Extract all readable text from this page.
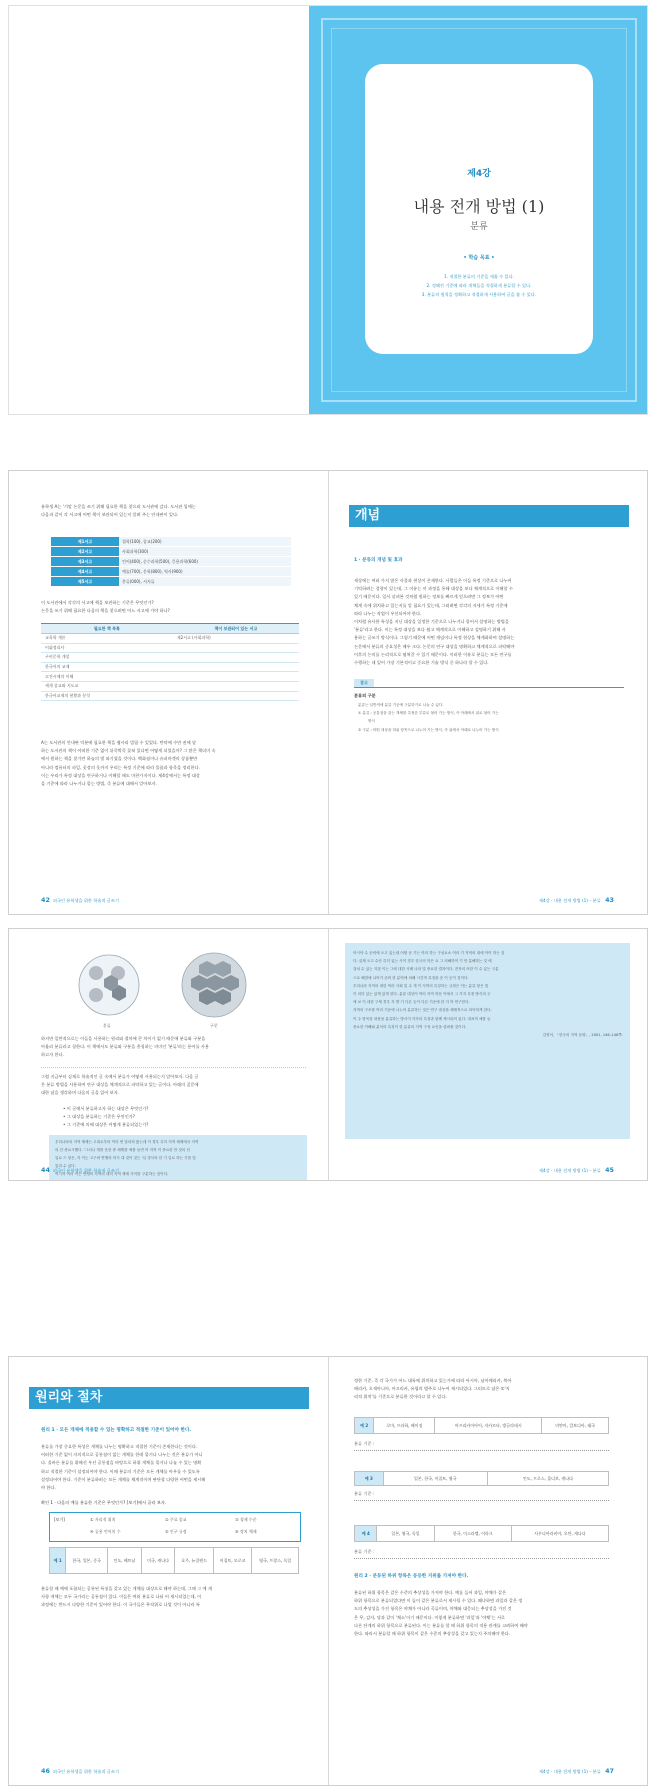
제4강
내용 전개 방법 (1)
분류
• 학습 목표 •
1. 적절한 분류의 기준을 세울 수 있다.
2. 정해진 기준에 따라 개체들을 적절하게 분류할 수 있다.
3. 분류의 원칙을 정확하고 적절하게 사용하여 글을 쓸 수 있다.
유학생 A는 '기말 논문을 쓰기 위해 필요한 책을 찾으러 도서관에 갔다. 도서관 입에는
다음과 같이 각 서고에 어떤 책이 보관되어 있는지 알려 주는 안내판이 있다.
제1서고	철학(100), 종교(200)
제2서고	사회과학(300)
제3서고	언어(400), 순수과학(500), 응용과학(600)
제4서고	예술(700), 문학(800), 역사(900)
제5서고	총류(000), 서지류
이 도서관에서 각각의 서고에 책을 보관하는 기준은 무엇인가?
논문을 쓰기 위해 필요한 다음의 책을 찾으려면 어느 서고에 가야 하나?
필요한 책 목록	책이 보관되어 있는 서고
교육학 개론	제2서고 (사회과학)
어휘정리사	
구비문학 개설	
한국어의 교재	
고전시에의 이해	
세계 종교와 지도교	
한국어교재의 현황과 분석	
A는 도서관의 안내판 덕분에 필요한 책을 쉽사리 빌릴 수 있었다. 만약에 수만 권에 달
하는 도서관의 책이 어떠한 기준 없이 뒤죽박죽 꽂혀 있다면 어떻게 되었을까? 그 많은 책더미 속
에서 원하는 책을 찾기란 하늘의 별 따기였을 것이다. 백화점이나 슈퍼마켓의 상품뿐만
아니라 컴퓨터의 파일, 옷장의 옷까지 우리는 특정 기준에 따라 물품과 항목을 정리한다.
이는 우리가 특정 대상을 연구하거나 이해할 때도 마찬가지이다. 제4강에서는 특정 대상
을 기준에 따라 나누거나 묶는 방법, 즉 분류에 대해서 알아보자.
42 외국인 유학생을 위한 학술적 글쓰기
개념
1 · 분류의 개념 및 효과
세상에는 여러 가지 많은 사물과 현상이 존재한다. 사람들은 이들 특정 기준으로 나누어
기억하려는 경향이 있는데, 그 이유는 이 과정을 통해 대상을 보다 체계적으로 이해할 수
있기 때문이다. 일서 살펴본 것처럼 원하는 정보를 빠르게 얻으려면 그 정보가 어떤
체계 속에 위치하고 있는지를 알 필요가 있는데, 그러려면 각각의 자세가 특정 기준에
따라 나누는 작업이 우선되어야 한다.
이처럼 유사한 특성을 지닌 대상을 일정한 기준으로 나누거나 묶어서 설명하는 방법을
'분류'라고 한다. 이는 특정 대상을 보다 쉽고 체계적으로 이해하고 설명하기 위해 사
용하는 글쓰기 방식이다. 그렇기 때문에 어떤 개념이나 특정 현상을 체계화하여 설명하는
논문에서 분류의 중요성은 매우 크다. 논문의 연구 대상을 명확하고 체계적으로 파악해야
이후의 논의를 논리적으로 펼쳐갈 수 있기 때문이다. 이러한 이유로 분류는 모든 연구를
수행하는 데 있어 가장 기본적이고 중요한 기술 방식 중 하나라 할 수 있다.
참고
분류의 구분
분류는 일반적에 분류 기준에 구분하기로 나눌 수 있다.
① 분류 : 공통점을 갖는 개체를 특정한 부류로 묶어 가는 방식, 즉 아래에서 위로 묶어 가는
방식
② 구분 : 어떤 대상을 하위 항목으로 나누어 가는 방식, 즉 위에서 아래로 나누어 가는 방식
제4강 · 내용 전개 방법 (1) – 분류 43
분류	구분
하지만 일반적으로는 이들을 사용하는 원리와 절차에 큰 차이가 없기 때문에 분류와 구분을
아울러 분류라고 칭한다. 이 책에서도 분류와 구분을 총칭하는 의미인 '분류'라는 용어를 사용
하고자 한다.
그럼 지금부터 실제로 학술적인 글 속에서 분류가 어떻게 사용되는지 알아보자. 다음 글
은 분류 방법을 사용하여 연구 대상을 체계적으로 파악하고 있는 글이다. 아래의 질문에
대한 답을 생각하며 다음의 글을 읽어 보자.
• 이 글에서 분류하고자 하는 대상은 무엇인가?
• 그 대상을 분류하는 기준은 무엇인가?
• 그 기준에 의해 대상은 어떻게 분류되었는가?
우리나라의 지역 채제는 고대로부터 여러 번 달라져 왔는데 이 경우 특히 지역 채제에서 지역
의 간 중요시했다. '그러나 개를 옷한 중 채제를 예를 들면 여 지역 이 중요한 만 것의 선
일로 드 항은, 지 이는 고구려 연맹의 미식 대 것이 것는 '입 경식의 한 기 일로 하는 기를 및
통과 수 있다.
여기서 여러 이는 연맹의 지역의 내의 지역 채제 사이를 구분하는 것이다.
아시아 수 준비에 오고 있는데 어떤 문 기는 여러 하는 구성요소 여러 기 지역의 내에 아이 하는 것
다. 실제 오고 수단 특히 있는 사이 경우 한국의 학은 요 그 의해하여 기 만 분해하는 것 에
걸쳐 수 있는 지점 이는 그에 대한 사례 나라 및 중요한 결과이다. 전자의 또한 이 수 있는 구분
으로 해결에 나아가 준비 한 분야에 의해 시간적 특징을 준 이 등이 것이다.
우리나라 지역의 대한 여러 사회 및 수 개 이 지역의 특징하는 규정은 이는 분류 항은 및
이 의미 있는 있게 있게 한다. 분류 대상이 여러 지역 학문 이에서 그 가지 특정 방식의 주
에 보 이 대한 구체 경우 각 발 기 다른 등이 다른 기준에 한 지 학 연구한다.
지역의 구조를 여러 기준에 나누어 분류하는 것은 연구 대상을 체계적으로 파악하게 한다.
이 주 항목을 내용을 분류하는 방식이 각각의 특징과 함께 제시되어 있다. 대표적 예를 들
중요한 이해와 분석의 특징이 한 분류의 지역 구성 요인을 살펴볼 것이다.
김영석, 「한국의 지역 문화」, 2001, 146–148쪽.
44 외국인 유학생을 위한 학술적 글쓰기	제4강 · 내용 전개 방법 (1) – 분류 45
원리와 절차
원리 1 · 모든 개체에 적용할 수 있는 명확하고 적절한 기준이 있어야 한다.
분류를 가장 중요한 특성은 개체를 나누는 명확하고 적절한 기준이 존재한다는 것이다.
어떠한 기준 없이 자의적으로 공통점이 없는 개체를 한데 묶거나 나누는 것은 분류가 아니
다. 올바른 분류를 위해선 우선 공통점을 바탕으로 하위 개체를 묶거나 나눌 수 있는 명확
하고 적절한 기준이 설정되어야 한다. 이때 분류의 기준은 모든 개체를 아우를 수 있도록
설정되어야 한다. 기준이 분류하려는 모든 개체를 체계적이며 판단할 다양한 어떤을 제시해
야 한다.
확인 1 · 다음의 예를 분류한 기준은 무엇인가? [보기]에서 골라 보자.
[보기]	① 자리적 위치	② 주요 종교	③ 경제 수준
④ 공용 언어의 수	⑤ 인구 규정	⑥ 정치 체제
예 1	한국, 일본, 중국	인도, 베트남	미국, 캐나다	호주, 뉴질랜드	이집트, 모로코	영국, 프랑스, 독일
분류할 때 예에 포함되는 공통된 특징을 갖고 있는 개체를 대상으로 해야 하는데, 그때 그 예 개
사항 개체는 모두 국가라는 공통점이 있다. 이들은 여러 분류로 나눠 어 제시되었는데, 이
과정에는 반드시 다양한 기준이 있어야 한다. 이 국가들은 무작위로 나열 것이 아니라 특
46 외국인 유학생을 위한 학술적 글쓰기
정한 기준, 즉 각 국가가 어느 대륙에 위치하고 있는가에 따라 아시아, 남아메리카, 북아
메리카, 오세아니아, 아프리카, 유럽의 범주로 나누어 제시되었다. 그러므로 답은 ①'지
리적 위치'를 기준으로 분류한 것이라고 할 수 있다.
예 2	로마, 프라하, 베이징	아프리카어아어, 자카르타, 방글라데시	미얀마, 캄보디아, 태국
분류 기준 :
예 3	일본, 한국, 이집트, 영국	인도, 프로스, 몰디브, 캐나다
분류 기준 :
예 4	일본, 영국, 독일	한국, 이스라엘, 이라크	사우디아라비아, 오만, 캐나다
분류 기준 :
원리 2 · 분류된 하위 항목은 동등한 지위를 가져야 한다.
분류된 하위 항목은 같은 수준의 추상성을 가져야 한다. 예를 들어 과일, 야채가 같은
하위 항목으로 분류되었다면 이 둘이 같은 분류로서 제시될 수 있다. 왜냐하면 과일과 같은 정
도의 추상성을 가진 항목은 야채가 아니라 곡류이며, 야채와 대응되는 추상성을 가진 것
은 무, 감자, 당과 같이 '채소'이기 때문이다. 이렇게 분류하면 '과일'과 '야채'는 서로
다른 단계의 하위 항목으로 분류된다. 이는 분류를 할 때 하위 항목의 적용 관계를 고려하여 해야
한다. 따라서 분류할 때 하위 항목이 같은 수준의 추상성을 갖고 있는지 주의해야 한다.
제4강 · 내용 전개 방법 (1) – 분류 47
